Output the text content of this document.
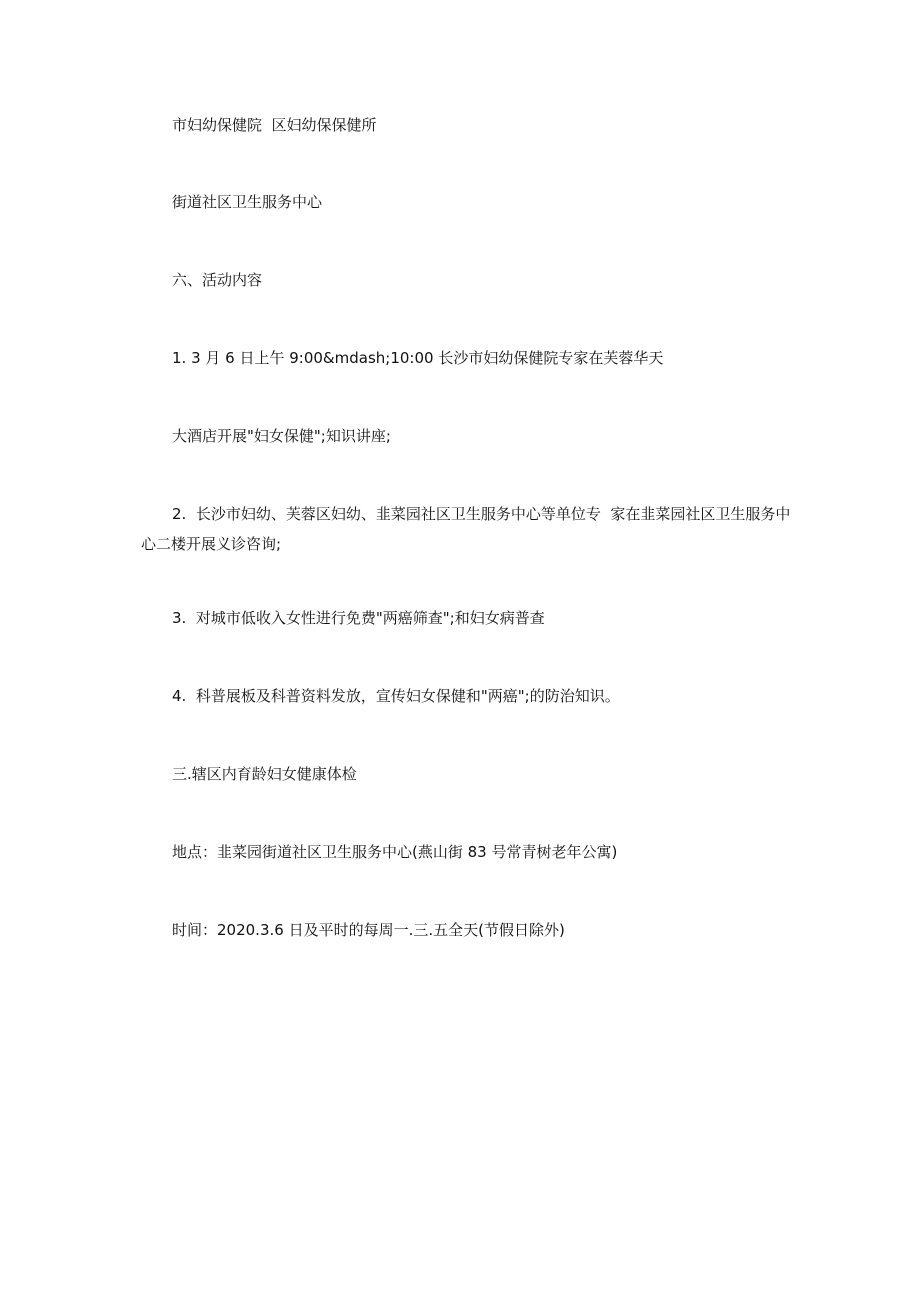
市妇幼保健院  区妇幼保保健所

街道社区卫生服务中心

六、活动内容

1. 3 月 6 日上午 9:00&mdash;10:00 长沙市妇幼保健院专家在芙蓉华天

大酒店开展"妇女保健";知识讲座;

2.  长沙市妇幼、芙蓉区妇幼、韭菜园社区卫生服务中心等单位专  家在韭菜园社区卫生服务中心二楼开展义诊咨询;

3.  对城市低收入女性进行免费"两癌筛查";和妇女病普查

4.  科普展板及科普资料发放，宣传妇女保健和"两癌";的防治知识。

三.辖区内育龄妇女健康体检

地点：韭菜园街道社区卫生服务中心(燕山街 83 号常青树老年公寓)

时间：2020.3.6 日及平时的每周一.三.五全天(节假日除外)
